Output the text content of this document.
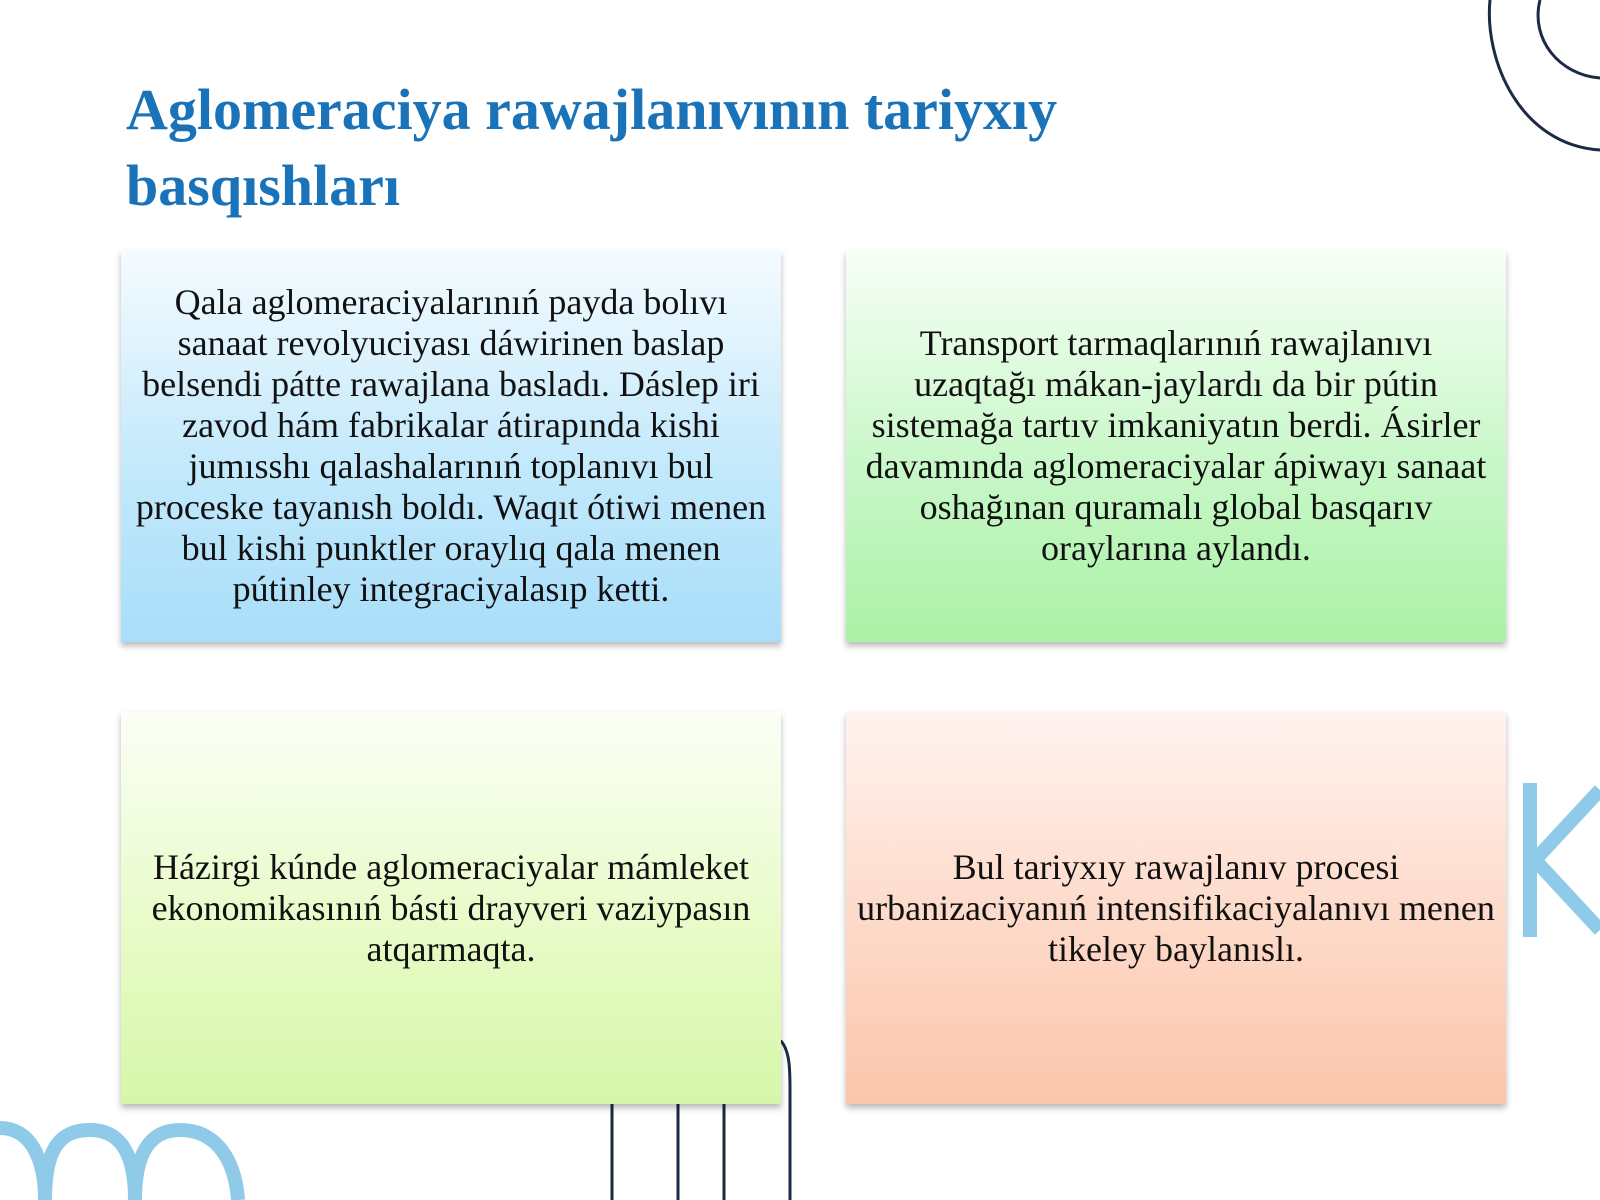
Aglomeraciya rawajlanıvının tariyxıy
basqıshları

Qala aglomeraciyalarınıń payda bolıvı sanaat revolyuciyası dáwirinen baslap belsendi pátte rawajlana basladı. Dáslep iri zavod hám fabrikalar átirapında kishi jumısshı qalashalarınıń toplanıvı bul proceske tayanısh boldı. Waqıt ótiwi menen bul kishi punktler oraylıq qala menen pútinley integraciyalasıp ketti.

Transport tarmaqlarınıń rawajlanıvı uzaqtağı mákan-jaylardı da bir pútin sistemağa tartıv imkaniyatın berdi. Ásirler davamında aglomeraciyalar ápiwayı sanaat oshağınan quramalı global basqarıv oraylarına aylandı.

Házirgi kúnde aglomeraciyalar mámleket ekonomikasınıń básti drayveri vaziypasın atqarmaqta.

Bul tariyxıy rawajlanıv procesi urbanizaciyanıń intensifikaciyalanıvı menen tikeley baylanıslı.
